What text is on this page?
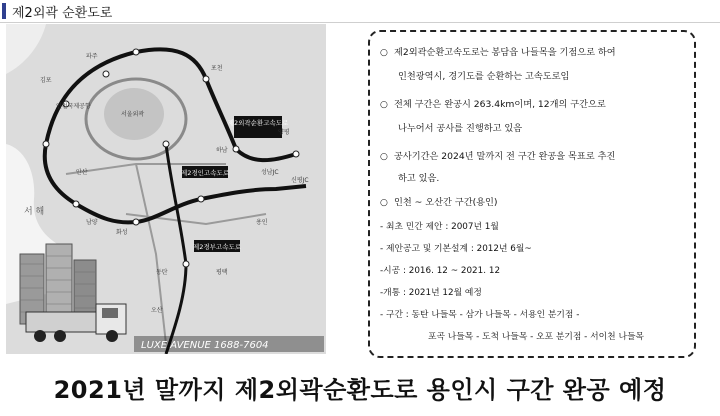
제2외곽 순환도로
제2외곽순환고속도로
제2경인고속도로
제2경부고속도로
파주
포천
김포
인천국제공항
서울외곽
양평
하남
성남JC
신평JC
화성
용인
평택
동탄
남양
오산
안산
서 해
LUXE AVENUE 1688-7604
○ 제2외곽순환고속도로는 봉담읍 나들목을 기점으로 하여
인천광역시, 경기도를 순환하는 고속도로임
○ 전체 구간은 완공시 263.4km이며, 12개의 구간으로
나누어서 공사를 진행하고 있음
○ 공사기간은 2024년 말까지 전 구간 완공을 목표로 추진
하고 있음.
○ 인천 ~ 오산간 구간(용인)
- 최초 민간 제안 : 2007년 1월
- 제안공고 및 기본설계 : 2012년 6월~
-시공 : 2016. 12 ~ 2021. 12
-개통 : 2021년 12월 예정
- 구간 : 동탄 나들목 - 삼가 나들목 - 서용인 분기점 -
포곡 나들목 - 도척 나들목 - 오포 분기점 - 서이천 나들목
2021년 말까지 제2외곽순환도로 용인시 구간 완공 예정
